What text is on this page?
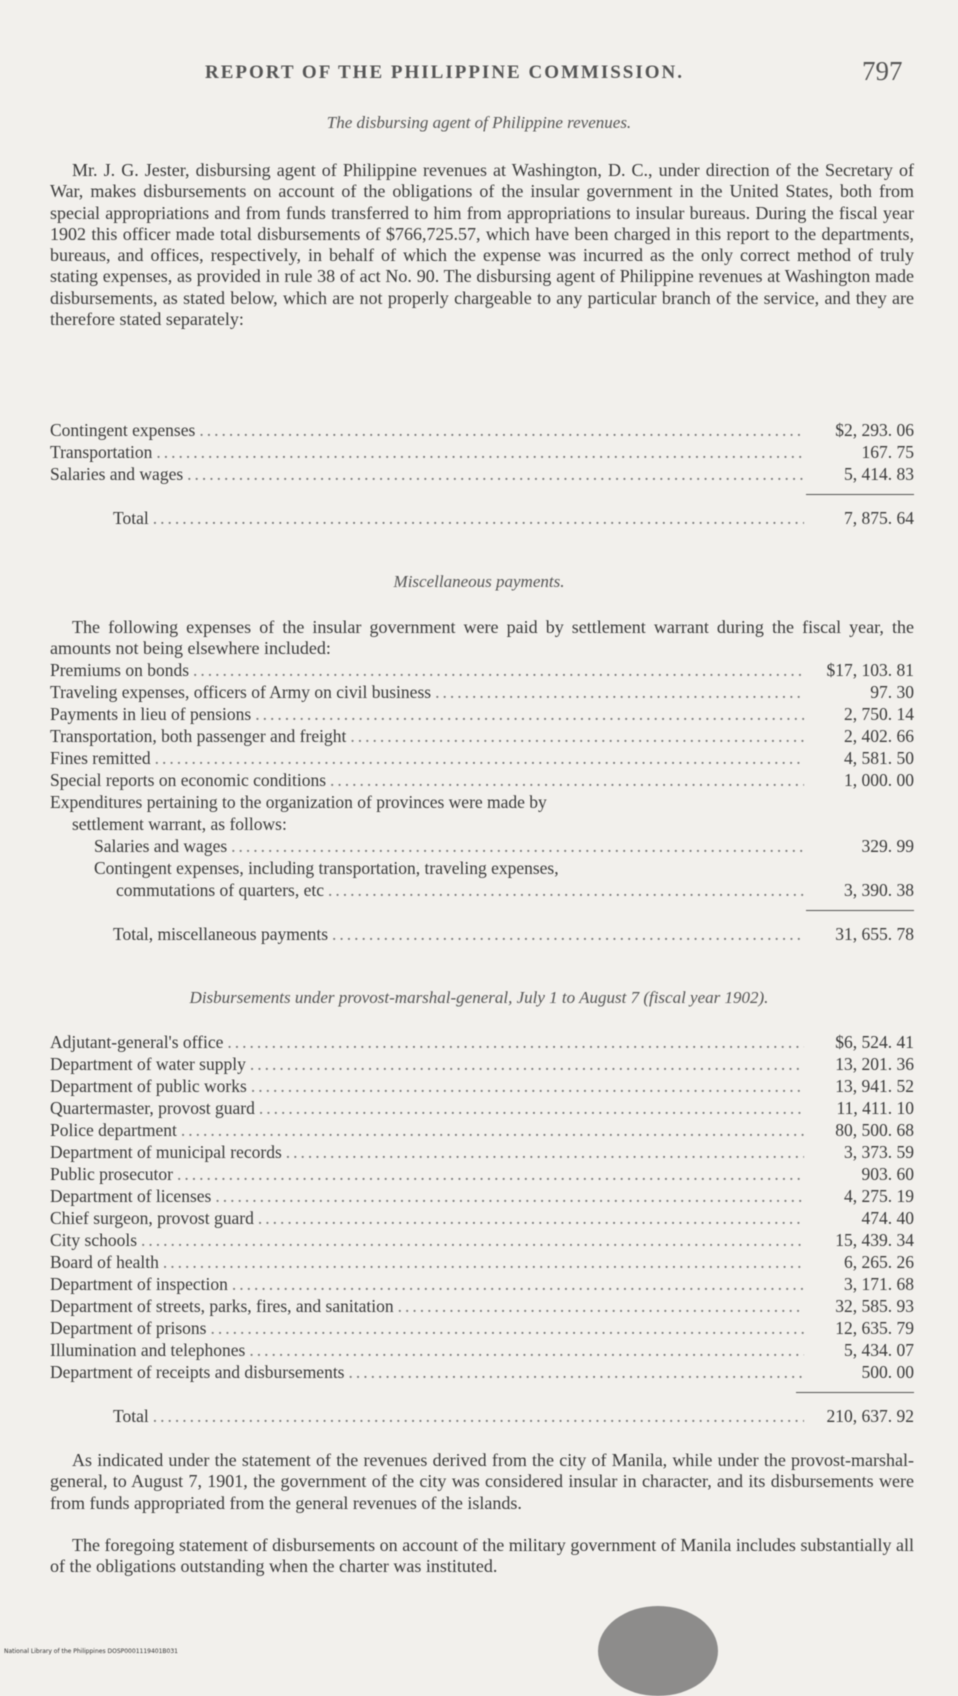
REPORT OF THE PHILIPPINE COMMISSION.	797
The disbursing agent of Philippine revenues.
Mr. J. G. Jester, disbursing agent of Philippine revenues at Washington, D. C., under direction of the Secretary of War, makes disbursements on account of the obligations of the insular government in the United States, both from special appropriations and from funds transferred to him from appropriations to insular bureaus. During the fiscal year 1902 this officer made total disbursements of $766,725.57, which have been charged in this report to the departments, bureaus, and offices, respectively, in behalf of which the expense was incurred as the only correct method of truly stating expenses, as provided in rule 38 of act No. 90. The disbursing agent of Philippine revenues at Washington made disbursements, as stated below, which are not properly chargeable to any particular branch of the service, and they are therefore stated separately:
Contingent expenses .....	$2, 293. 06
Transportation .....	167. 75
Salaries and wages .....	5, 414. 83
Total .....	7, 875. 64
Miscellaneous payments.
The following expenses of the insular government were paid by settlement warrant during the fiscal year, the amounts not being elsewhere included:
Premiums on bonds .....	$17, 103. 81
Traveling expenses, officers of Army on civil business .....	97. 30
Payments in lieu of pensions .....	2, 750. 14
Transportation, both passenger and freight .....	2, 402. 66
Fines remitted .....	4, 581. 50
Special reports on economic conditions .....	1, 000. 00
Expenditures pertaining to the organization of provinces were made by
settlement warrant, as follows:
Salaries and wages .....	329. 99
Contingent expenses, including transportation, traveling expenses,
commutations of quarters, etc .....	3, 390. 38
Total, miscellaneous payments .....	31, 655. 78
Disbursements under provost-marshal-general, July 1 to August 7 (fiscal year 1902).
Adjutant-general's office .....	$6, 524. 41
Department of water supply .....	13, 201. 36
Department of public works .....	13, 941. 52
Quartermaster, provost guard .....	11, 411. 10
Police department .....	80, 500. 68
Department of municipal records .....	3, 373. 59
Public prosecutor .....	903. 60
Department of licenses .....	4, 275. 19
Chief surgeon, provost guard .....	474. 40
City schools .....	15, 439. 34
Board of health .....	6, 265. 26
Department of inspection .....	3, 171. 68
Department of streets, parks, fires, and sanitation .....	32, 585. 93
Department of prisons .....	12, 635. 79
Illumination and telephones .....	5, 434. 07
Department of receipts and disbursements .....	500. 00
Total .....	210, 637. 92
As indicated under the statement of the revenues derived from the city of Manila, while under the provost-marshal-general, to August 7, 1901, the government of the city was considered insular in character, and its disbursements were from funds appropriated from the general revenues of the islands.
The foregoing statement of disbursements on account of the military government of Manila includes substantially all of the obligations outstanding when the charter was instituted.
National Library of the Philippines DOSP0001119401B031
